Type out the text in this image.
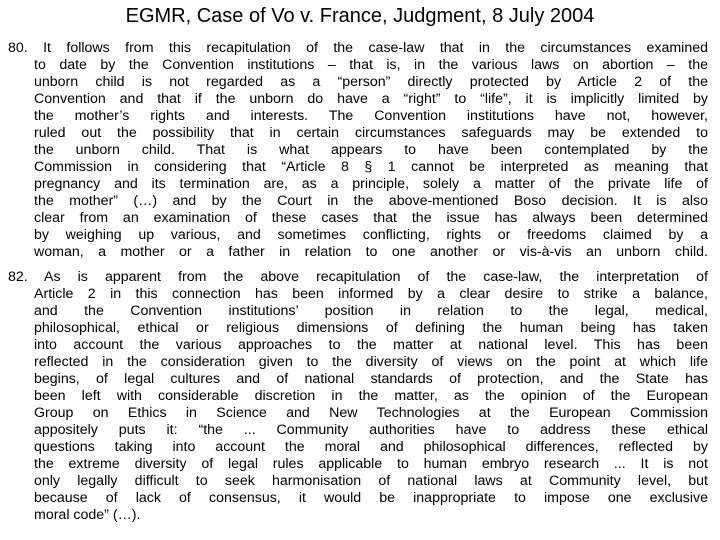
EGMR, Case of Vo v. France, Judgment, 8 July 2004
80. It follows from this recapitulation of the case-law that in the circumstances examined
to date by the Convention institutions – that is, in the various laws on abortion – the
unborn child is not regarded as a “person” directly protected by Article 2 of the
Convention and that if the unborn do have a “right” to “life”, it is implicitly limited by
the mother’s rights and interests. The Convention institutions have not, however,
ruled out the possibility that in certain circumstances safeguards may be extended to
the unborn child. That is what appears to have been contemplated by the
Commission in considering that “Article 8 § 1 cannot be interpreted as meaning that
pregnancy and its termination are, as a principle, solely a matter of the private life of
the mother” (…) and by the Court in the above-mentioned Boso decision. It is also
clear from an examination of these cases that the issue has always been determined
by weighing up various, and sometimes conflicting, rights or freedoms claimed by a
woman, a mother or a father in relation to one another or vis-à-vis an unborn child.
82. As is apparent from the above recapitulation of the case-law, the interpretation of
Article 2 in this connection has been informed by a clear desire to strike a balance,
and the Convention institutions’ position in relation to the legal, medical,
philosophical, ethical or religious dimensions of defining the human being has taken
into account the various approaches to the matter at national level. This has been
reflected in the consideration given to the diversity of views on the point at which life
begins, of legal cultures and of national standards of protection, and the State has
been left with considerable discretion in the matter, as the opinion of the European
Group on Ethics in Science and New Technologies at the European Commission
appositely puts it: “the ... Community authorities have to address these ethical
questions taking into account the moral and philosophical differences, reflected by
the extreme diversity of legal rules applicable to human embryo research ... It is not
only legally difficult to seek harmonisation of national laws at Community level, but
because of lack of consensus, it would be inappropriate to impose one exclusive
moral code” (…).
